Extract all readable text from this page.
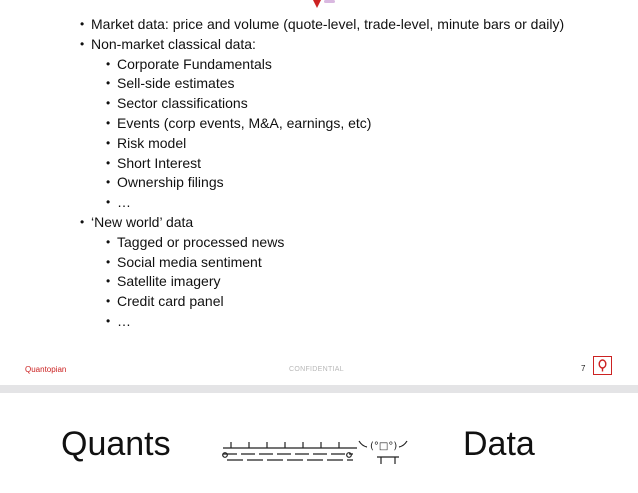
• Market data: price and volume (quote-level, trade-level, minute bars or daily)
• Non-market classical data:
• Corporate Fundamentals
• Sell-side estimates
• Sector classifications
• Events (corp events, M&A, earnings, etc)
• Risk model
• Short Interest
• Ownership filings
• …
• ‘New world’ data
• Tagged or processed news
• Social media sentiment
• Satellite imagery
• Credit card panel
• …
Quantopian	CONFIDENTIAL	7
Quants	(°□°) Data
